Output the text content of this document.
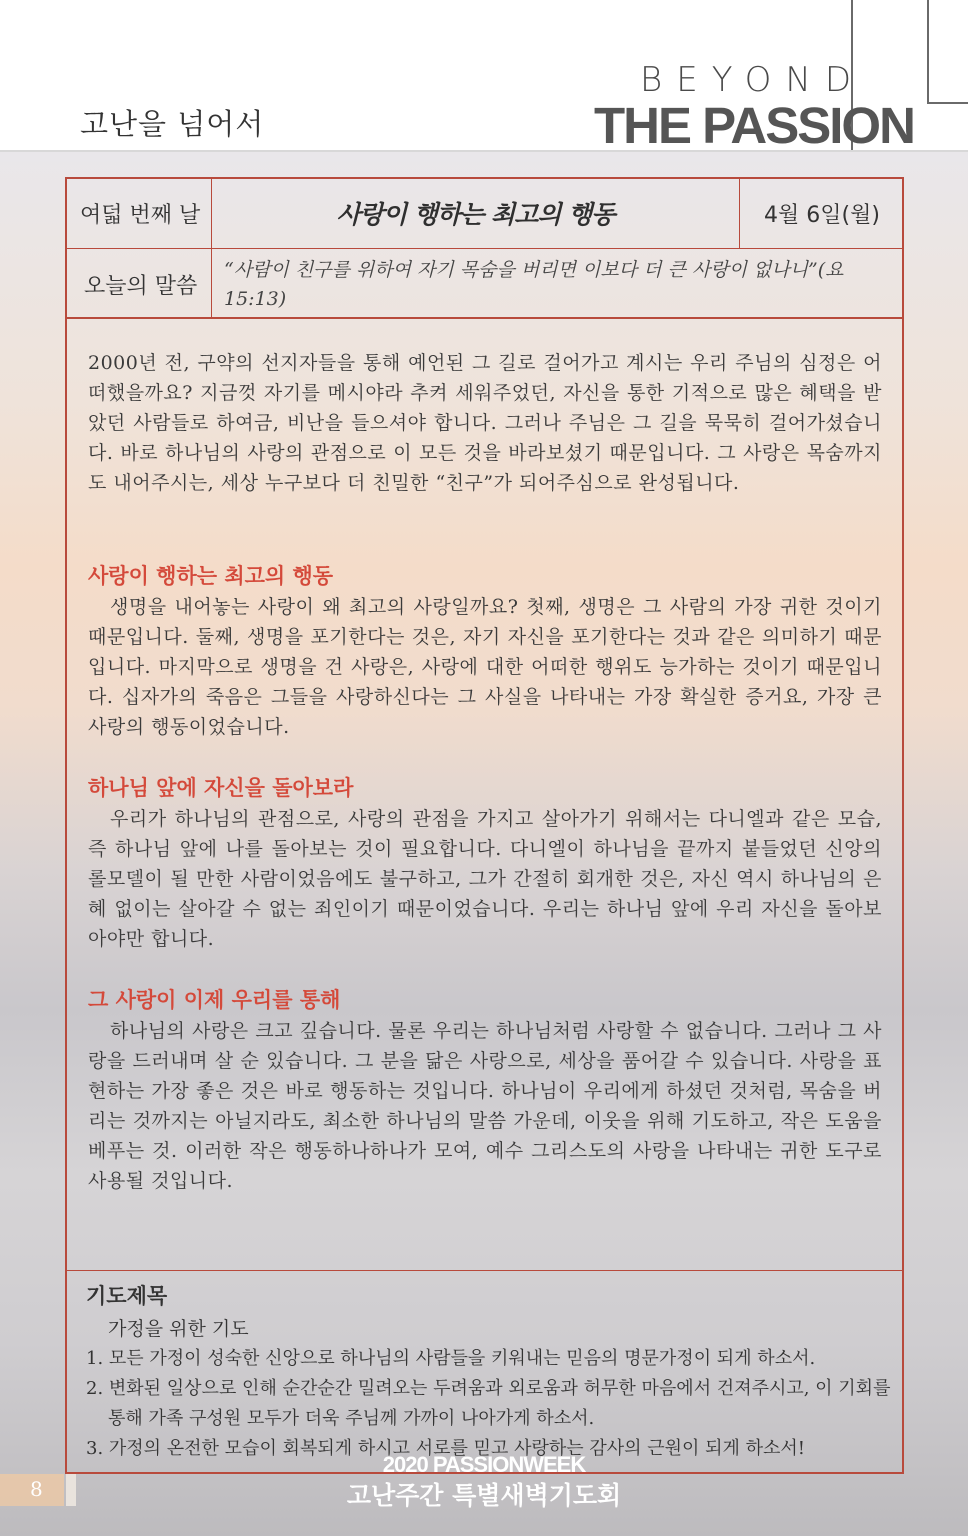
고난을 넘어서
BEYOND
THE PASSION
여덟 번째 날	사랑이 행하는 최고의 행동	4월 6일(월)
오늘의 말씀
“사람이 친구를 위하여 자기 목숨을 버리면 이보다 더 큰 사랑이 없나니”(요 15:13)
2000년 전, 구약의 선지자들을 통해 예언된 그 길로 걸어가고 계시는 우리 주님의 심정은 어떠했을까요? 지금껏 자기를 메시야라 추켜 세워주었던, 자신을 통한 기적으로 많은 혜택을 받았던 사람들로 하여금, 비난을 들으셔야 합니다. 그러나 주님은 그 길을 묵묵히 걸어가셨습니다. 바로 하나님의 사랑의 관점으로 이 모든 것을 바라보셨기 때문입니다. 그 사랑은 목숨까지도 내어주시는, 세상 누구보다 더 친밀한 “친구”가 되어주심으로 완성됩니다.
사랑이 행하는 최고의 행동
생명을 내어놓는 사랑이 왜 최고의 사랑일까요? 첫째, 생명은 그 사람의 가장 귀한 것이기 때문입니다. 둘째, 생명을 포기한다는 것은, 자기 자신을 포기한다는 것과 같은 의미하기 때문입니다. 마지막으로 생명을 건 사랑은, 사랑에 대한 어떠한 행위도 능가하는 것이기 때문입니다. 십자가의 죽음은 그들을 사랑하신다는 그 사실을 나타내는 가장 확실한 증거요, 가장 큰 사랑의 행동이었습니다.
하나님 앞에 자신을 돌아보라
우리가 하나님의 관점으로, 사랑의 관점을 가지고 살아가기 위해서는 다니엘과 같은 모습, 즉 하나님 앞에 나를 돌아보는 것이 필요합니다. 다니엘이 하나님을 끝까지 붙들었던 신앙의 롤모델이 될 만한 사람이었음에도 불구하고, 그가 간절히 회개한 것은, 자신 역시 하나님의 은혜 없이는 살아갈 수 없는 죄인이기 때문이었습니다. 우리는 하나님 앞에 우리 자신을 돌아보아야만 합니다.
그 사랑이 이제 우리를 통해
하나님의 사랑은 크고 깊습니다. 물론 우리는 하나님처럼 사랑할 수 없습니다. 그러나 그 사랑을 드러내며 살 순 있습니다. 그 분을 닮은 사랑으로, 세상을 품어갈 수 있습니다. 사랑을 표현하는 가장 좋은 것은 바로 행동하는 것입니다. 하나님이 우리에게 하셨던 것처럼, 목숨을 버리는 것까지는 아닐지라도, 최소한 하나님의 말씀 가운데, 이웃을 위해 기도하고, 작은 도움을 베푸는 것. 이러한 작은 행동하나하나가 모여, 예수 그리스도의 사랑을 나타내는 귀한 도구로 사용될 것입니다.
기도제목
가정을 위한 기도
1. 모든 가정이 성숙한 신앙으로 하나님의 사람들을 키워내는 믿음의 명문가정이 되게 하소서.
2. 변화된 일상으로 인해 순간순간 밀려오는 두려움과 외로움과 허무한 마음에서 건져주시고, 이 기회를 통해 가족 구성원 모두가 더욱 주님께 가까이 나아가게 하소서.
3. 가정의 온전한 모습이 회복되게 하시고 서로를 믿고 사랑하는 감사의 근원이 되게 하소서!
8
2020 PASSIONWEEK
고난주간 특별새벽기도회
